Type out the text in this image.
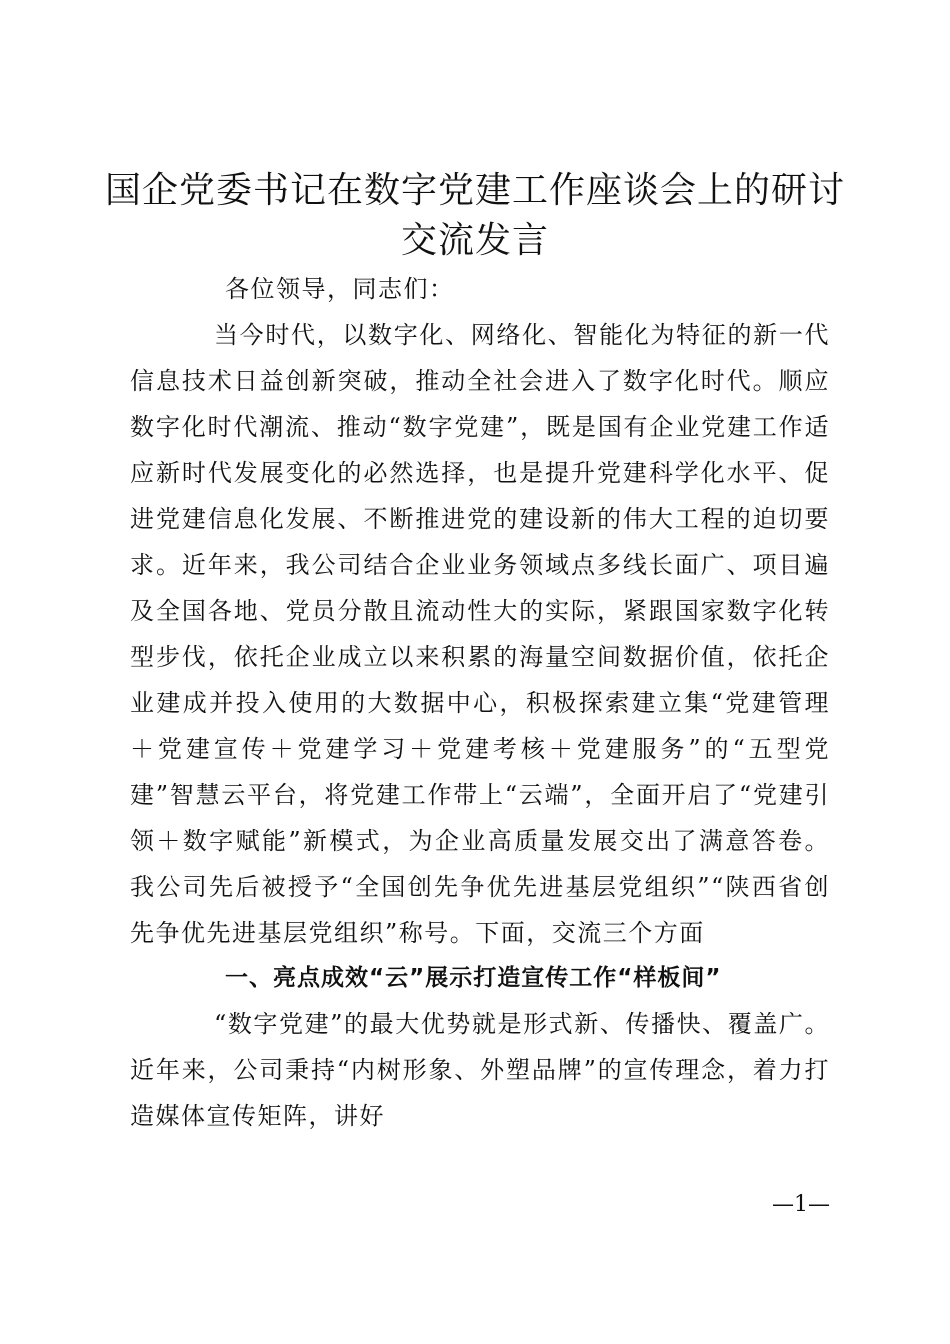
国企党委书记在数字党建工作座谈会上的研讨
交流发言

各位领导，同志们：

当今时代，以数字化、网络化、智能化为特征的新一代信息技术日益创新突破，推动全社会进入了数字化时代。顺应数字化时代潮流、推动“数字党建”，既是国有企业党建工作适应新时代发展变化的必然选择，也是提升党建科学化水平、促进党建信息化发展、不断推进党的建设新的伟大工程的迫切要求。近年来，我公司结合企业业务领域点多线长面广、项目遍及全国各地、党员分散且流动性大的实际，紧跟国家数字化转型步伐，依托企业成立以来积累的海量空间数据价值，依托企业建成并投入使用的大数据中心，积极探索建立集“党建管理＋党建宣传＋党建学习＋党建考核＋党建服务”的“五型党建”智慧云平台，将党建工作带上“云端”，全面开启了“党建引领＋数字赋能”新模式，为企业高质量发展交出了满意答卷。我公司先后被授予“全国创先争优先进基层党组织”“陕西省创先争优先进基层党组织”称号。下面，交流三个方面

一、亮点成效“云”展示打造宣传工作“样板间”

“数字党建”的最大优势就是形式新、传播快、覆盖广。近年来，公司秉持“内树形象、外塑品牌”的宣传理念，着力打造媒体宣传矩阵，讲好

—1—
